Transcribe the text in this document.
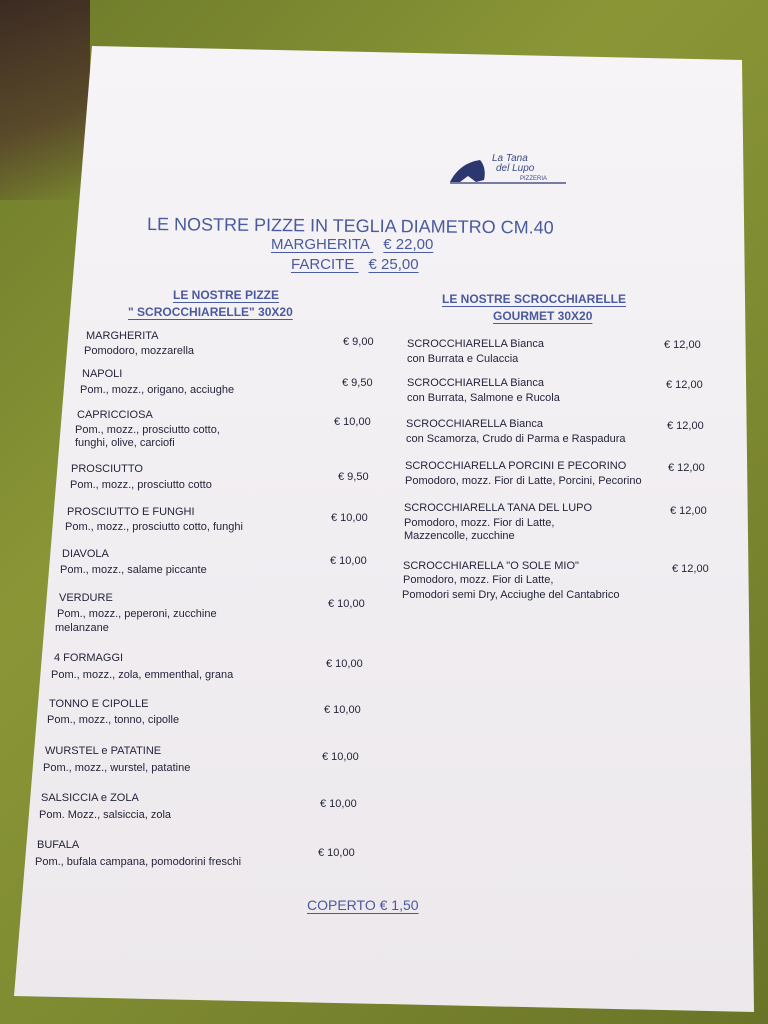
La Tana
del Lupo
PIZZERIA
LE NOSTRE PIZZE IN TEGLIA DIAMETRO CM.40
MARGHERITA € 22,00
FARCITE € 25,00
LE NOSTRE PIZZE
" SCROCCHIARELLE" 30X20
LE NOSTRE SCROCCHIARELLE
GOURMET 30X20
MARGHERITA
Pomodoro, mozzarella
€ 9,00
NAPOLI
Pom., mozz., origano, acciughe
€ 9,50
CAPRICCIOSA
Pom., mozz., prosciutto cotto,
funghi, olive, carciofi
€ 10,00
PROSCIUTTO
Pom., mozz., prosciutto cotto
€ 9,50
PROSCIUTTO E FUNGHI
Pom., mozz., prosciutto cotto, funghi
€ 10,00
DIAVOLA
Pom., mozz., salame piccante
€ 10,00
VERDURE
Pom., mozz., peperoni, zucchine
melanzane
€ 10,00
4 FORMAGGI
Pom., mozz., zola, emmenthal, grana
€ 10,00
TONNO E CIPOLLE
Pom., mozz., tonno, cipolle
€ 10,00
WURSTEL e PATATINE
Pom., mozz., wurstel, patatine
€ 10,00
SALSICCIA e ZOLA
Pom. Mozz., salsiccia, zola
€ 10,00
BUFALA
Pom., bufala campana, pomodorini freschi
€ 10,00
SCROCCHIARELLA Bianca
con Burrata e Culaccia
€ 12,00
SCROCCHIARELLA Bianca
con Burrata, Salmone e Rucola
€ 12,00
SCROCCHIARELLA Bianca
con Scamorza, Crudo di Parma e Raspadura
€ 12,00
SCROCCHIARELLA PORCINI E PECORINO
Pomodoro, mozz. Fior di Latte, Porcini, Pecorino
€ 12,00
SCROCCHIARELLA TANA DEL LUPO
Pomodoro, mozz. Fior di Latte,
Mazzencolle, zucchine
€ 12,00
SCROCCHIARELLA "O SOLE MIO"
Pomodoro, mozz. Fior di Latte,
Pomodori semi Dry, Acciughe del Cantabrico
€ 12,00
COPERTO € 1,50
